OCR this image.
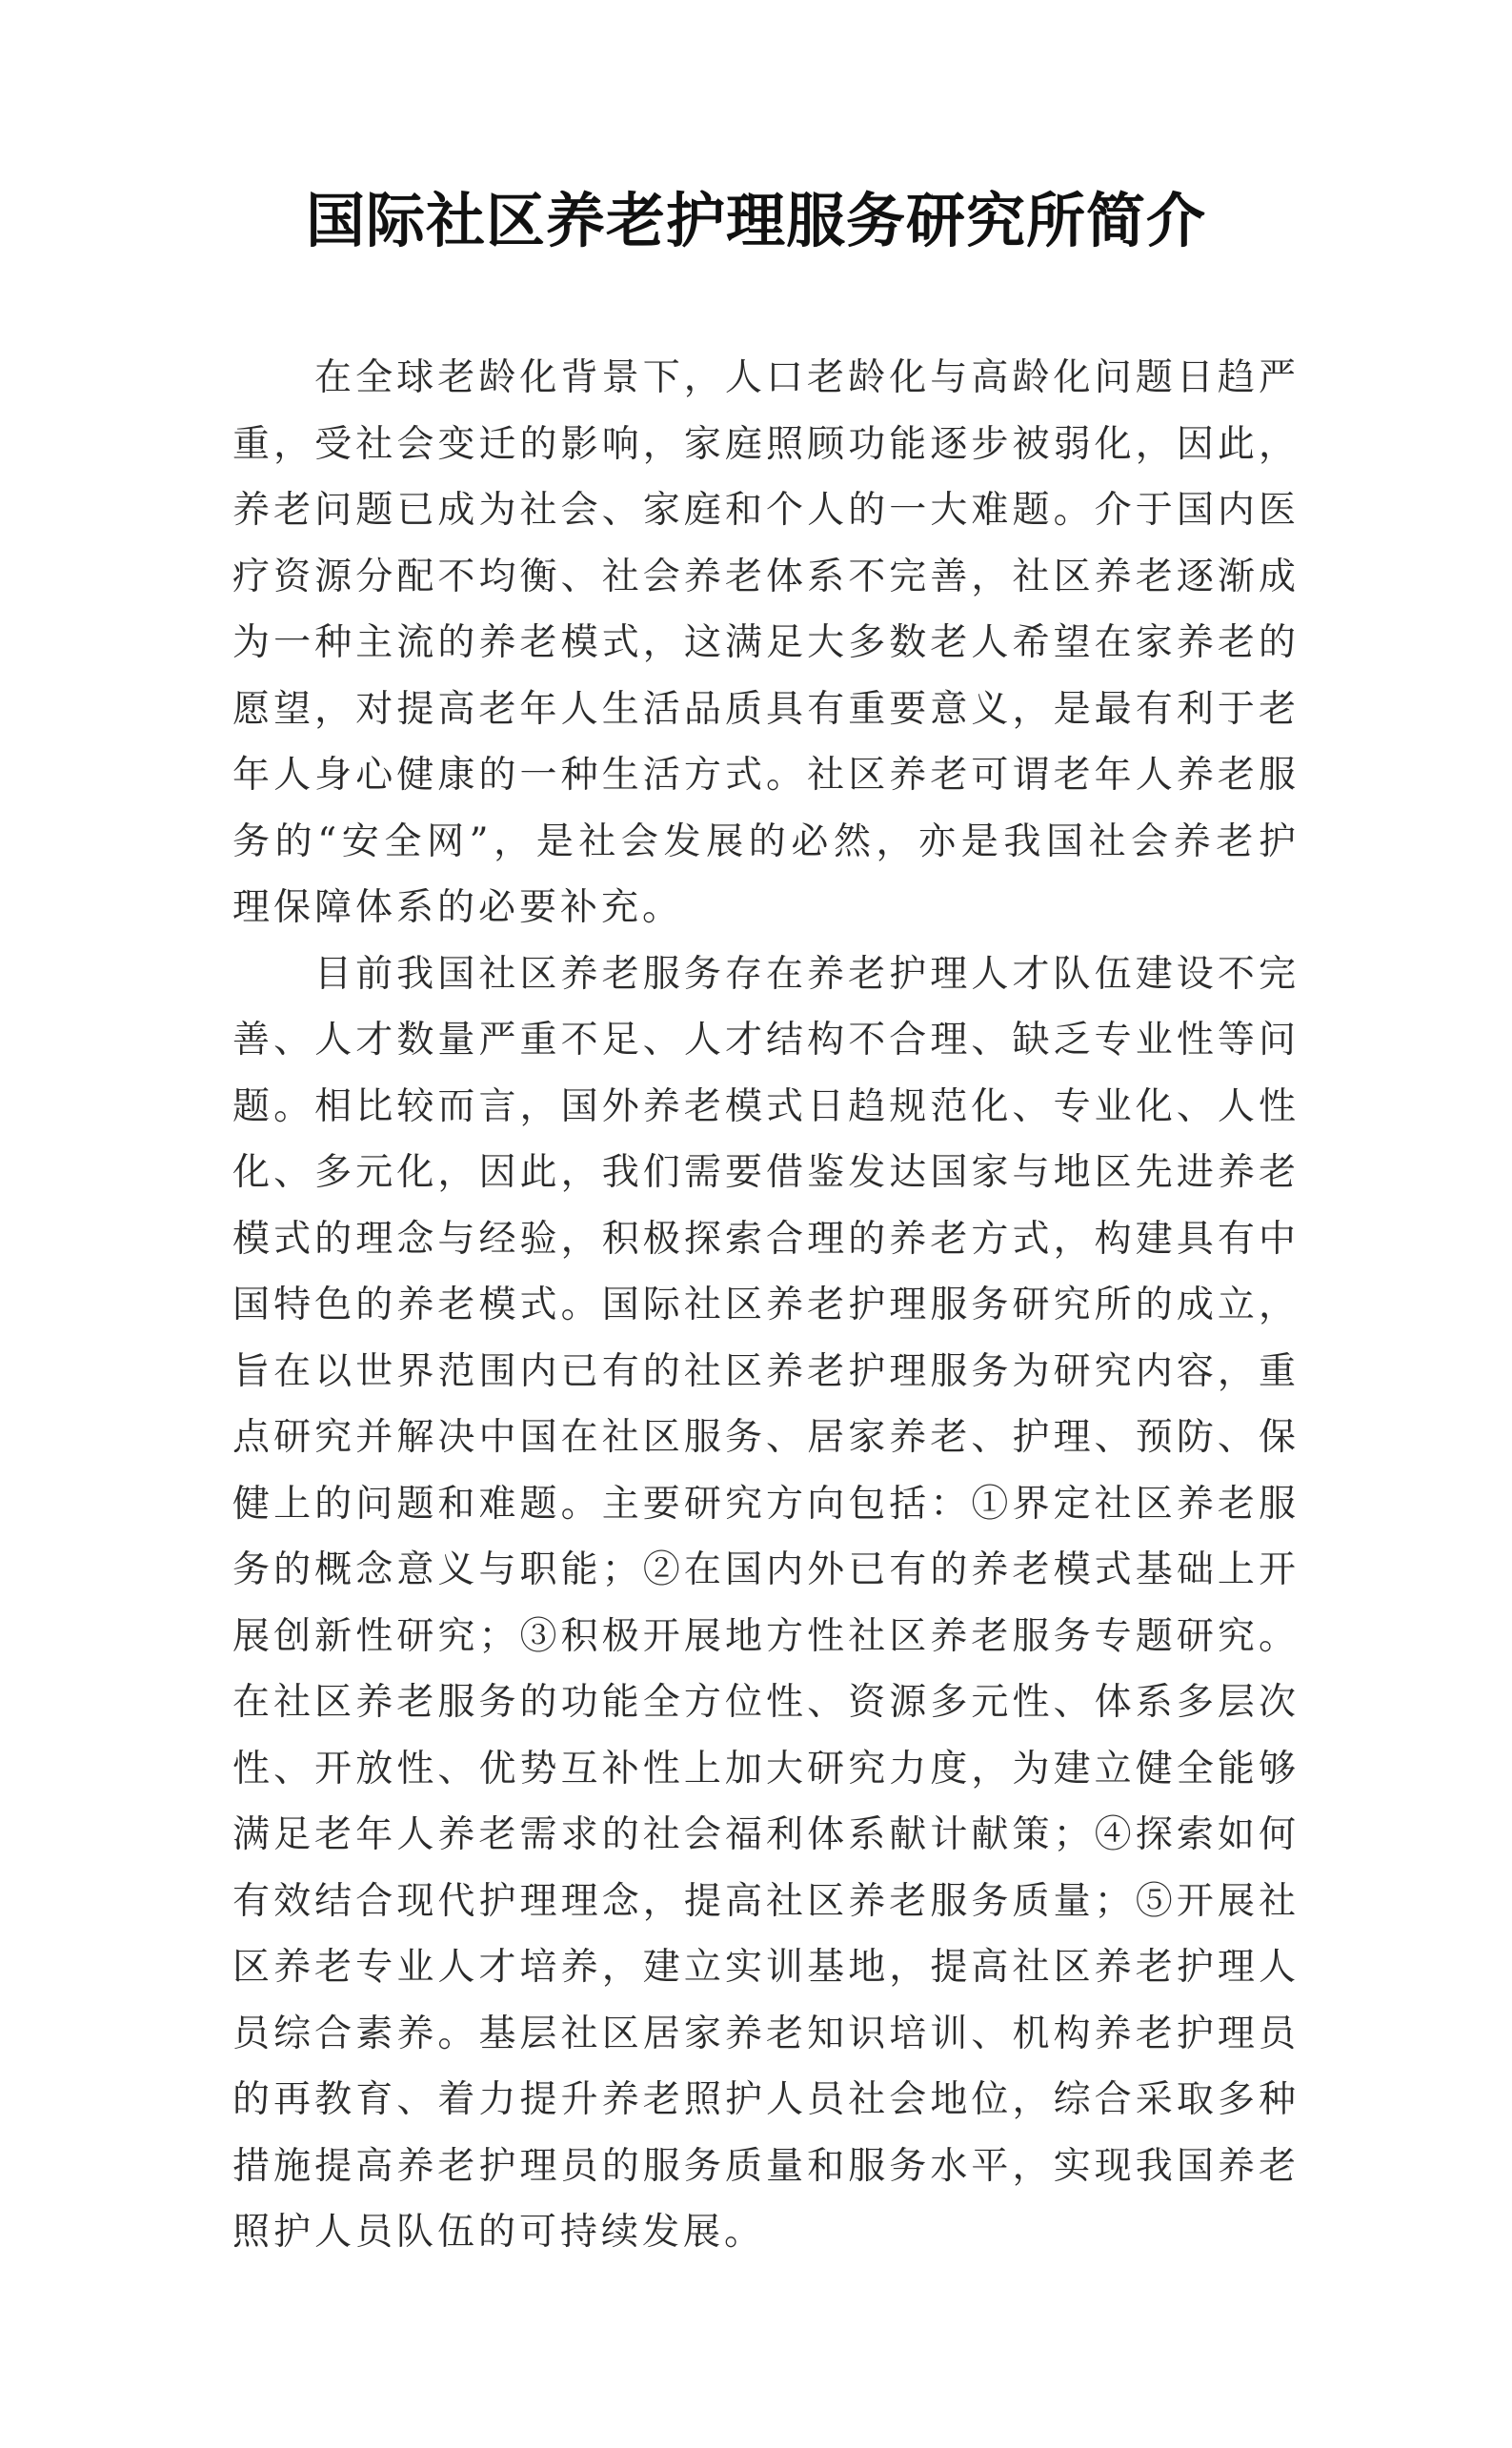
国际社区养老护理服务研究所简介

在全球老龄化背景下，人口老龄化与高龄化问题日趋严重，受社会变迁的影响，家庭照顾功能逐步被弱化，因此，养老问题已成为社会、家庭和个人的一大难题。介于国内医疗资源分配不均衡、社会养老体系不完善，社区养老逐渐成为一种主流的养老模式，这满足大多数老人希望在家养老的愿望，对提高老年人生活品质具有重要意义，是最有利于老年人身心健康的一种生活方式。社区养老可谓老年人养老服务的“安全网”，是社会发展的必然，亦是我国社会养老护理保障体系的必要补充。

目前我国社区养老服务存在养老护理人才队伍建设不完善、人才数量严重不足、人才结构不合理、缺乏专业性等问题。相比较而言，国外养老模式日趋规范化、专业化、人性化、多元化，因此，我们需要借鉴发达国家与地区先进养老模式的理念与经验，积极探索合理的养老方式，构建具有中国特色的养老模式。国际社区养老护理服务研究所的成立，旨在以世界范围内已有的社区养老护理服务为研究内容，重点研究并解决中国在社区服务、居家养老、护理、预防、保健上的问题和难题。主要研究方向包括：①界定社区养老服务的概念意义与职能；②在国内外已有的养老模式基础上开展创新性研究；③积极开展地方性社区养老服务专题研究。在社区养老服务的功能全方位性、资源多元性、体系多层次性、开放性、优势互补性上加大研究力度，为建立健全能够满足老年人养老需求的社会福利体系献计献策；④探索如何有效结合现代护理理念，提高社区养老服务质量；⑤开展社区养老专业人才培养，建立实训基地，提高社区养老护理人员综合素养。基层社区居家养老知识培训、机构养老护理员的再教育、着力提升养老照护人员社会地位，综合采取多种措施提高养老护理员的服务质量和服务水平，实现我国养老照护人员队伍的可持续发展。
